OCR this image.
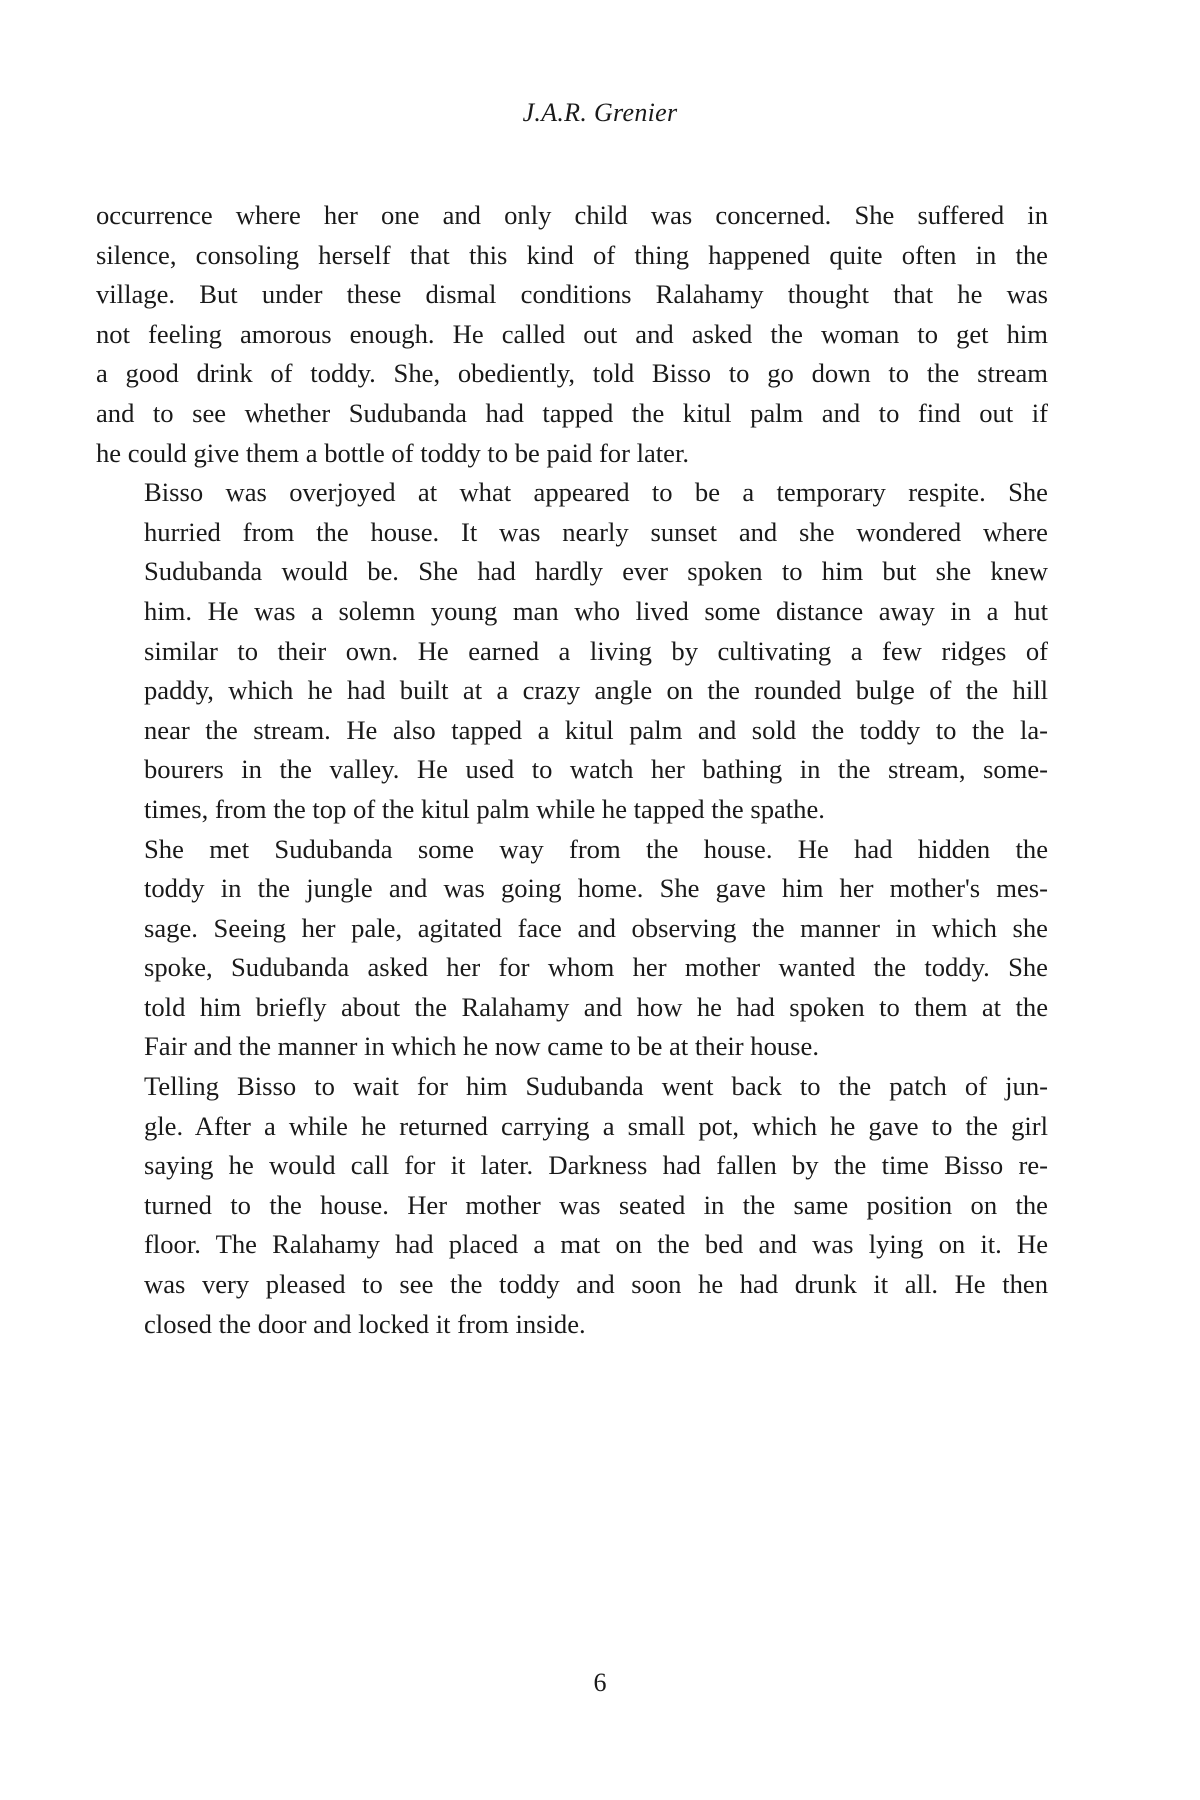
J.A.R. Grenier

occurrence where her one and only child was concerned. She suffered in
silence, consoling herself that this kind of thing happened quite often in the
village. But under these dismal conditions Ralahamy thought that he was
not feeling amorous enough. He called out and asked the woman to get him
a good drink of toddy. She, obediently, told Bisso to go down to the stream
and to see whether Sudubanda had tapped the kitul palm and to find out if
he could give them a bottle of toddy to be paid for later.

Bisso was overjoyed at what appeared to be a temporary respite. She
hurried from the house. It was nearly sunset and she wondered where
Sudubanda would be. She had hardly ever spoken to him but she knew
him. He was a solemn young man who lived some distance away in a hut
similar to their own. He earned a living by cultivating a few ridges of
paddy, which he had built at a crazy angle on the rounded bulge of the hill
near the stream. He also tapped a kitul palm and sold the toddy to the la-
bourers in the valley. He used to watch her bathing in the stream, some-
times, from the top of the kitul palm while he tapped the spathe.

She met Sudubanda some way from the house. He had hidden the
toddy in the jungle and was going home. She gave him her mother's mes-
sage. Seeing her pale, agitated face and observing the manner in which she
spoke, Sudubanda asked her for whom her mother wanted the toddy. She
told him briefly about the Ralahamy and how he had spoken to them at the
Fair and the manner in which he now came to be at their house.

Telling Bisso to wait for him Sudubanda went back to the patch of jun-
gle. After a while he returned carrying a small pot, which he gave to the girl
saying he would call for it later. Darkness had fallen by the time Bisso re-
turned to the house. Her mother was seated in the same position on the
floor. The Ralahamy had placed a mat on the bed and was lying on it. He
was very pleased to see the toddy and soon he had drunk it all. He then
closed the door and locked it from inside.

6
